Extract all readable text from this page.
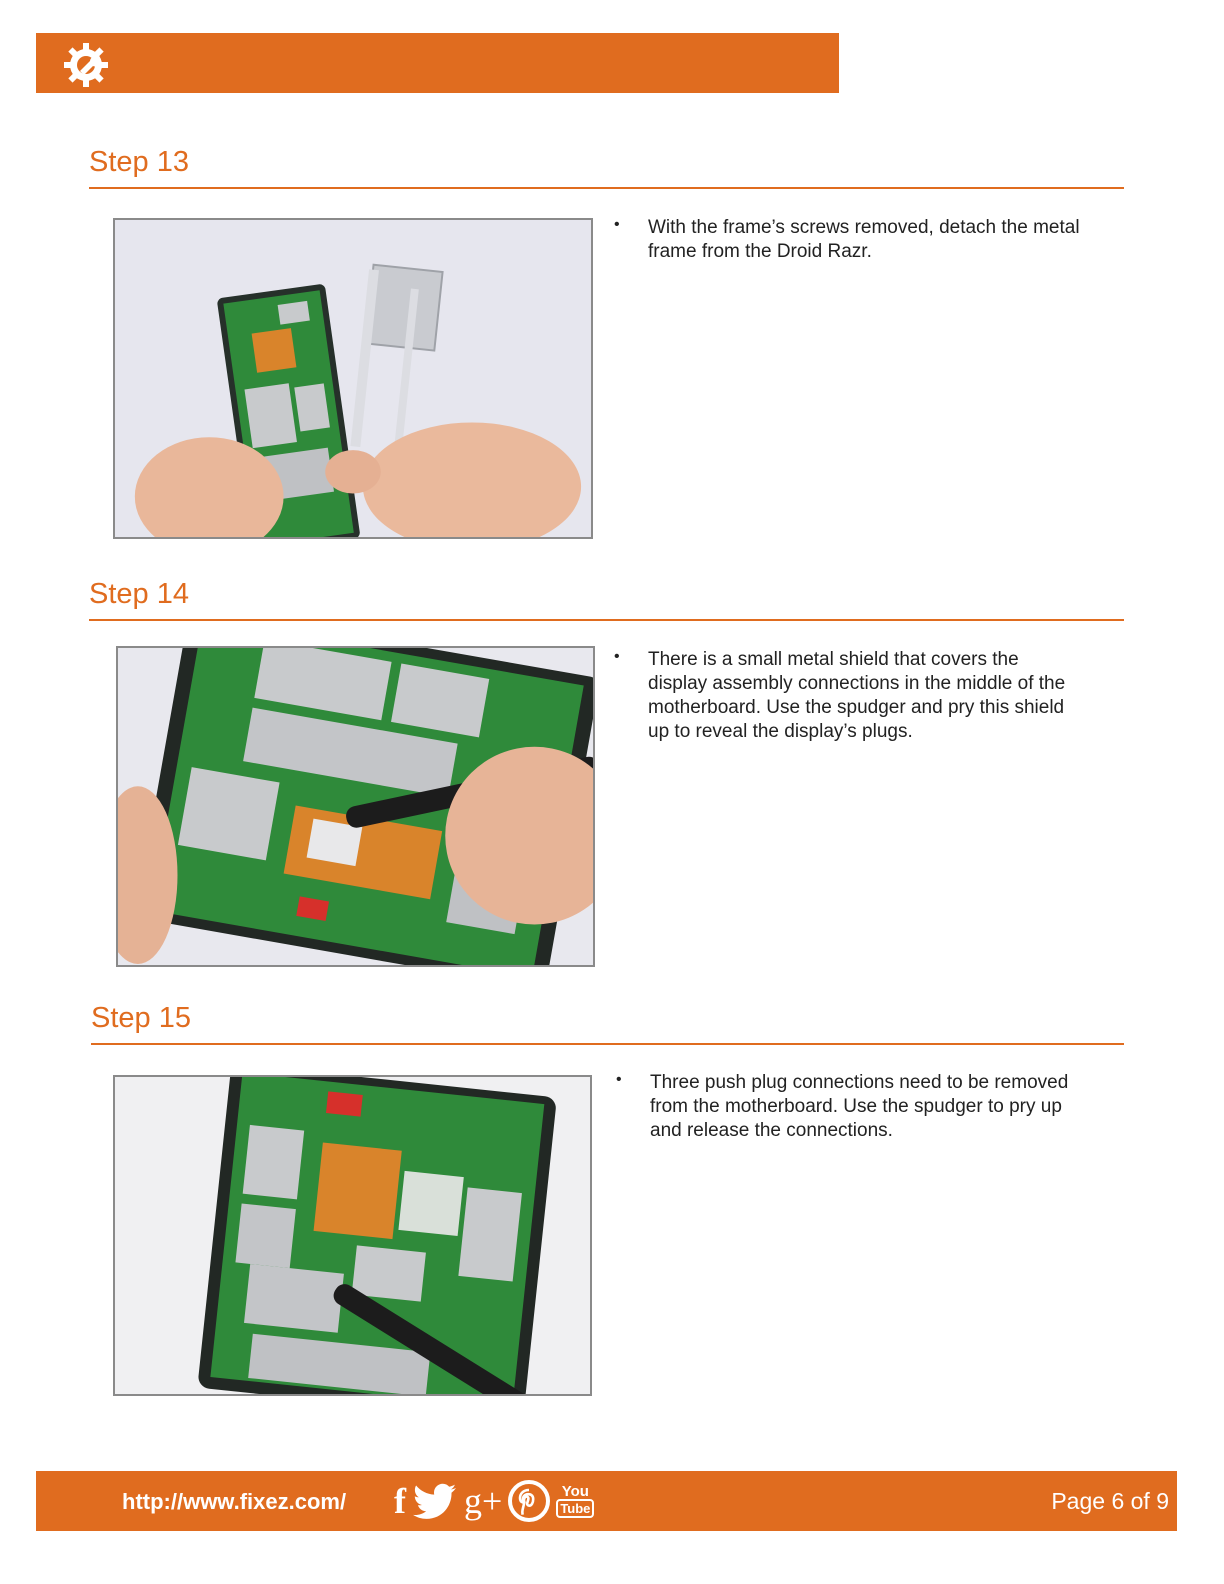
Step 13
• With the frame’s screws removed, detach the metal
frame from the Droid Razr.
Step 14
• There is a small metal shield that covers the
display assembly connections in the middle of the
motherboard. Use the spudger and pry this shield
up to reveal the display’s plugs.
Step 15
• Three push plug connections need to be removed
from the motherboard. Use the spudger to pry up
and release the connections.
http://www.fixez.com/ f g+	You
Tube	Page 6 of 9
